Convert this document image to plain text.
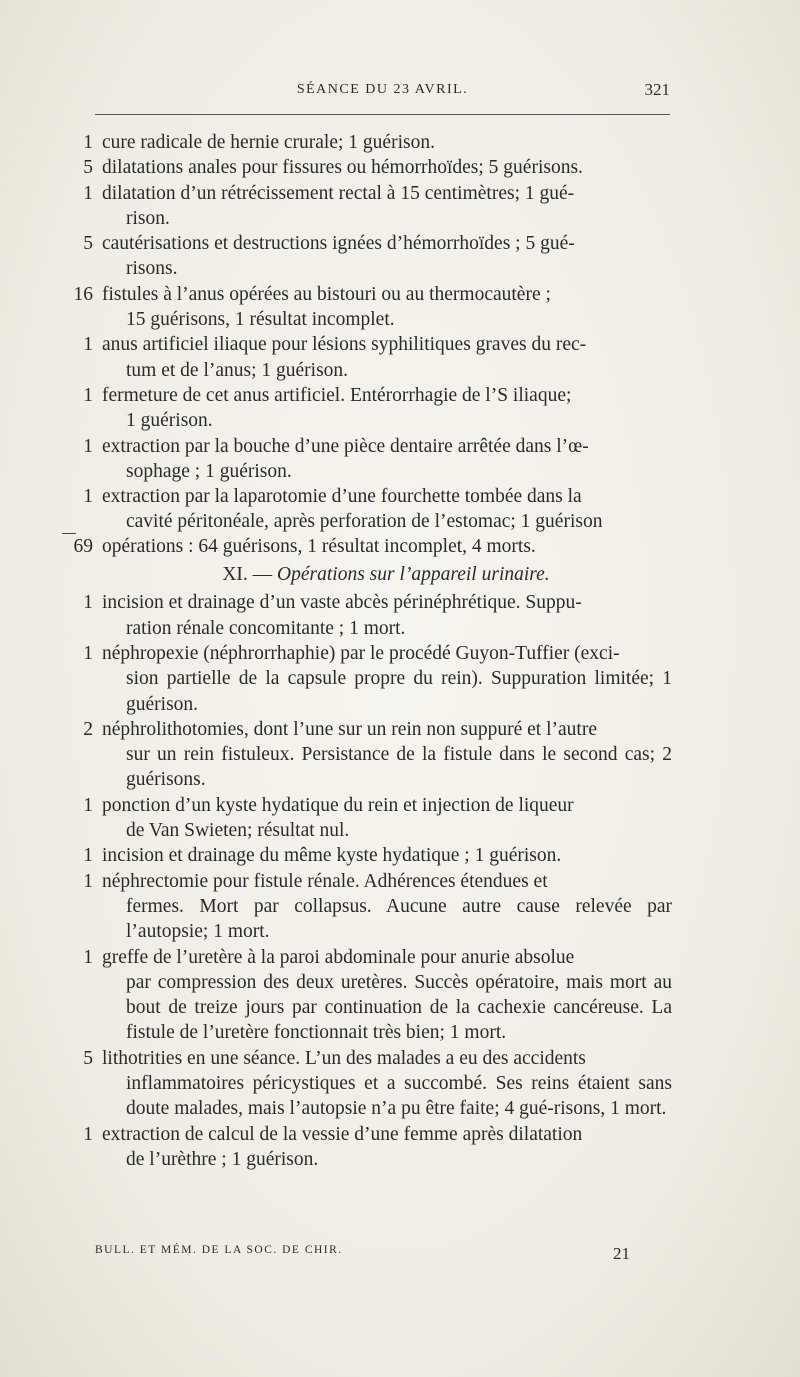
SÉANCE DU 23 AVRIL.	321
1 cure radicale de hernie crurale; 1 guérison.
5 dilatations anales pour fissures ou hémorrhoïdes; 5 guérisons.
1 dilatation d’un rétrécissement rectal à 15 centimètres; 1 gué-
rison.
5 cautérisations et destructions ignées d’hémorrhoïdes ; 5 gué-
risons.
16 fistules à l’anus opérées au bistouri ou au thermocautère ;
15 guérisons, 1 résultat incomplet.
1 anus artificiel iliaque pour lésions syphilitiques graves du rec-
tum et de l’anus; 1 guérison.
1 fermeture de cet anus artificiel. Entérorrhagie de l’S iliaque;
1 guérison.
1 extraction par la bouche d’une pièce dentaire arrêtée dans l’œ-
sophage ; 1 guérison.
1 extraction par la laparotomie d’une fourchette tombée dans la
cavité péritonéale, après perforation de l’estomac; 1 guérison
69 opérations : 64 guérisons, 1 résultat incomplet, 4 morts.
XI. — Opérations sur l’appareil urinaire.
1 incision et drainage d’un vaste abcès périnéphrétique. Suppu-
ration rénale concomitante ; 1 mort.
1 néphropexie (néphrorrhaphie) par le procédé Guyon-Tuffier (exci-
sion partielle de la capsule propre du rein). Suppuration limitée; 1 guérison.
2 néphrolithotomies, dont l’une sur un rein non suppuré et l’autre
sur un rein fistuleux. Persistance de la fistule dans le second cas; 2 guérisons.
1 ponction d’un kyste hydatique du rein et injection de liqueur
de Van Swieten; résultat nul.
1 incision et drainage du même kyste hydatique ; 1 guérison.
1 néphrectomie pour fistule rénale. Adhérences étendues et
fermes. Mort par collapsus. Aucune autre cause relevée par l’autopsie; 1 mort.
1 greffe de l’uretère à la paroi abdominale pour anurie absolue
par compression des deux uretères. Succès opératoire, mais mort au bout de treize jours par continuation de la cachexie cancéreuse. La fistule de l’uretère fonctionnait très bien; 1 mort.
5 lithotrities en une séance. L’un des malades a eu des accidents
inflammatoires péricystiques et a succombé. Ses reins étaient sans doute malades, mais l’autopsie n’a pu être faite; 4 gué-risons, 1 mort.
1 extraction de calcul de la vessie d’une femme après dilatation
de l’urèthre ; 1 guérison.
BULL. ET MÉM. DE LA SOC. DE CHIR.	21
